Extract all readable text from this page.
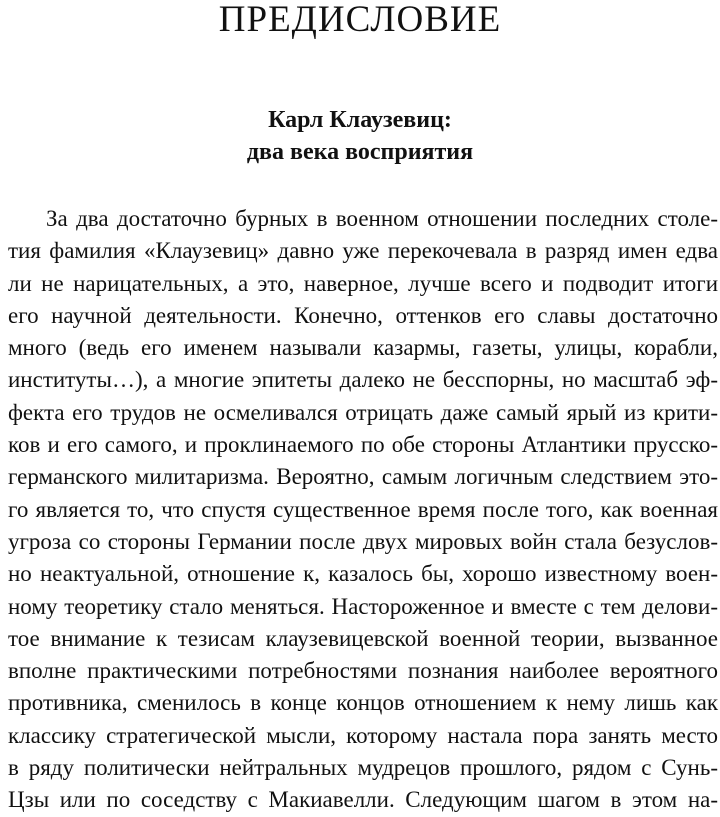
ПРЕДИСЛОВИЕ
Карл Клаузевиц:
два века восприятия
За два достаточно бурных в военном отношении последних столе-
тия фамилия «Клаузевиц» давно уже перекочевала в разряд имен едва
ли не нарицательных, а это, наверное, лучше всего и подводит итоги
его научной деятельности. Конечно, оттенков его славы достаточно
много (ведь его именем называли казармы, газеты, улицы, корабли,
институты…), а многие эпитеты далеко не бесспорны, но масштаб эф-
фекта его трудов не осмеливался отрицать даже самый ярый из крити-
ков и его самого, и проклинаемого по обе стороны Атлантики прусско-
германского милитаризма. Вероятно, самым логичным следствием это-
го является то, что спустя существенное время после того, как военная
угроза со стороны Германии после двух мировых войн стала безуслов-
но неактуальной, отношение к, казалось бы, хорошо известному воен-
ному теоретику стало меняться. Настороженное и вместе с тем делови-
тое внимание к тезисам клаузевицевской военной теории, вызванное
вполне практическими потребностями познания наиболее вероятного
противника, сменилось в конце концов отношением к нему лишь как
классику стратегической мысли, которому настала пора занять место
в ряду политически нейтральных мудрецов прошлого, рядом с Сунь-
Цзы или по соседству с Макиавелли. Следующим шагом в этом на-
